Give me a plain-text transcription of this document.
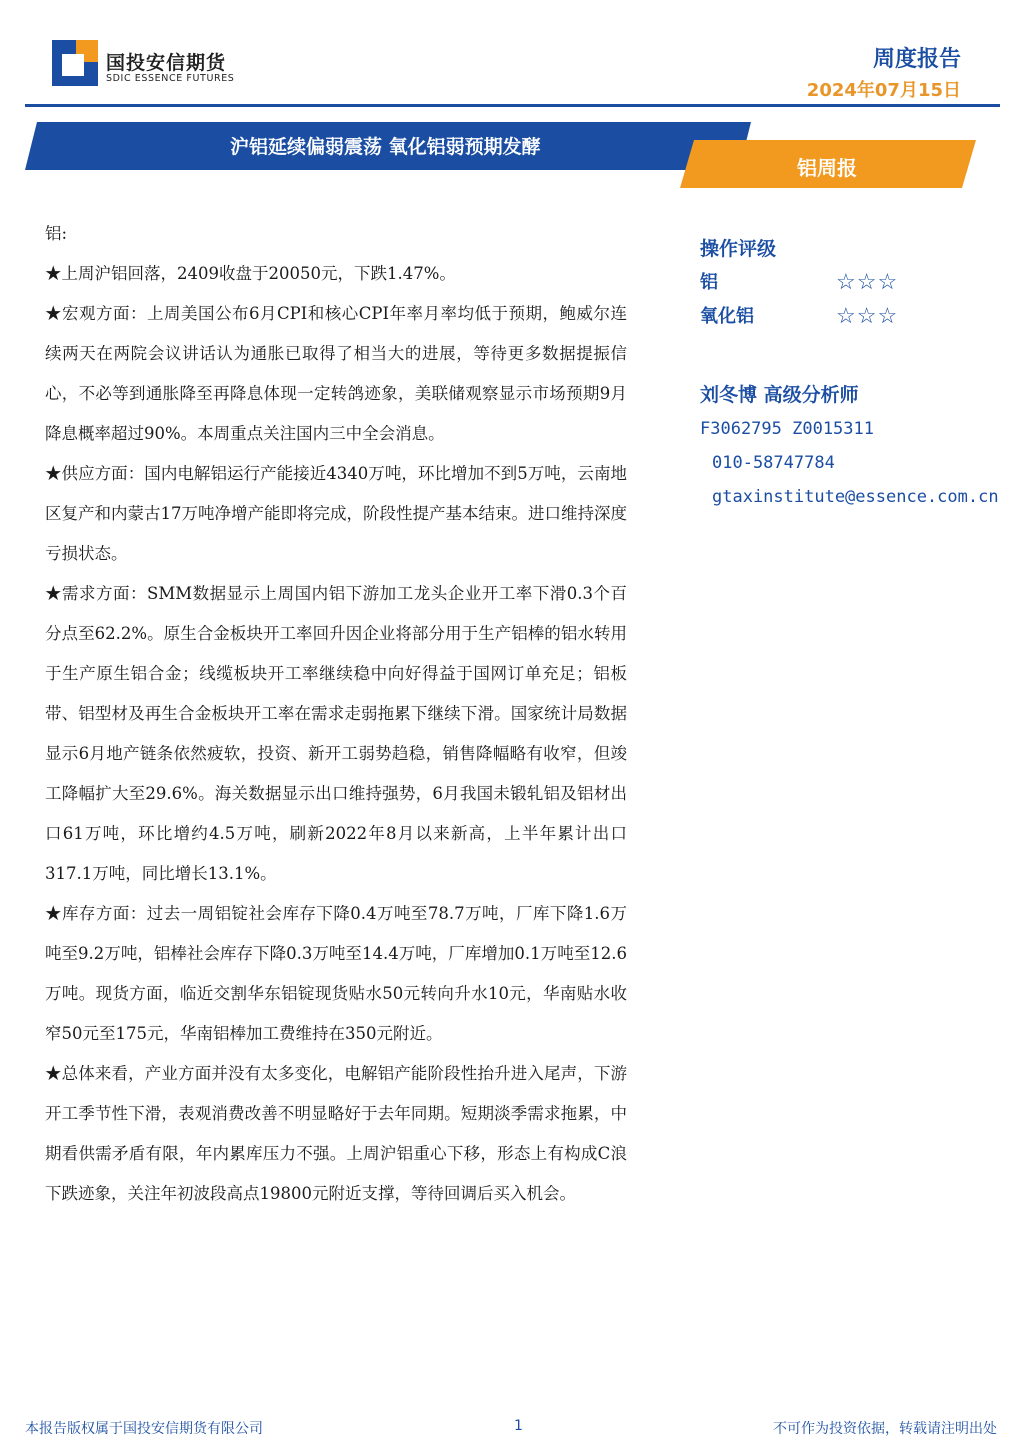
国投安信期货
SDIC ESSENCE FUTURES
周度报告
2024年07月15日
沪铝延续偏弱震荡 氧化铝弱预期发酵
铝周报

铝:

★上周沪铝回落，2409收盘于20050元，下跌1.47%。

★宏观方面：上周美国公布6月CPI和核心CPI年率月率均低于预期，鲍威尔连续两天在两院会议讲话认为通胀已取得了相当大的进展，等待更多数据提振信心，不必等到通胀降至再降息体现一定转鸽迹象，美联储观察显示市场预期9月降息概率超过90%。本周重点关注国内三中全会消息。

★供应方面：国内电解铝运行产能接近4340万吨，环比增加不到5万吨，云南地区复产和内蒙古17万吨净增产能即将完成，阶段性提产基本结束。进口维持深度亏损状态。

★需求方面：SMM数据显示上周国内铝下游加工龙头企业开工率下滑0.3个百分点至62.2%。原生合金板块开工率回升因企业将部分用于生产铝棒的铝水转用于生产原生铝合金；线缆板块开工率继续稳中向好得益于国网订单充足；铝板带、铝型材及再生合金板块开工率在需求走弱拖累下继续下滑。国家统计局数据显示6月地产链条依然疲软，投资、新开工弱势趋稳，销售降幅略有收窄，但竣工降幅扩大至29.6%。海关数据显示出口维持强势，6月我国未锻轧铝及铝材出口61万吨，环比增约4.5万吨，刷新2022年8月以来新高，上半年累计出口317.1万吨，同比增长13.1%。

★库存方面：过去一周铝锭社会库存下降0.4万吨至78.7万吨，厂库下降1.6万吨至9.2万吨，铝棒社会库存下降0.3万吨至14.4万吨，厂库增加0.1万吨至12.6万吨。现货方面，临近交割华东铝锭现货贴水50元转向升水10元，华南贴水收窄50元至175元，华南铝棒加工费维持在350元附近。

★总体来看，产业方面并没有太多变化，电解铝产能阶段性抬升进入尾声，下游开工季节性下滑，表观消费改善不明显略好于去年同期。短期淡季需求拖累，中期看供需矛盾有限，年内累库压力不强。上周沪铝重心下移，形态上有构成C浪下跌迹象，关注年初波段高点19800元附近支撑，等待回调后买入机会。

操作评级
铝	☆☆☆
氧化铝	☆☆☆
刘冬博 高级分析师
F3062795 Z0015311
010-58747784
gtaxinstitute@essence.com.cn
本报告版权属于国投安信期货有限公司	1	不可作为投资依据，转载请注明出处
